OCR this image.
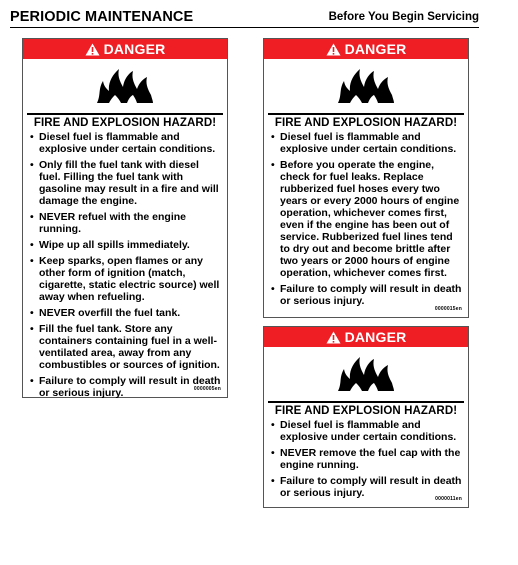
PERIODIC MAINTENANCE	Before You Begin Servicing
DANGER
FIRE AND EXPLOSION HAZARD!
• Diesel fuel is flammable and explosive under certain conditions.
• Only fill the fuel tank with diesel fuel. Filling the fuel tank with gasoline may result in a fire and will damage the engine.
• NEVER refuel with the engine running.
• Wipe up all spills immediately.
• Keep sparks, open flames or any other form of ignition (match, cigarette, static electric source) well away when refueling.
• NEVER overfill the fuel tank.
• Fill the fuel tank. Store any containers containing fuel in a well-ventilated area, away from any combustibles or sources of ignition.
• Failure to comply will result in death or serious injury.	0000005en
DANGER
FIRE AND EXPLOSION HAZARD!
• Diesel fuel is flammable and explosive under certain conditions.
• Before you operate the engine, check for fuel leaks. Replace rubberized fuel hoses every two years or every 2000 hours of engine operation, whichever comes first, even if the engine has been out of service. Rubberized fuel lines tend to dry out and become brittle after two years or 2000 hours of engine operation, whichever comes first.
• Failure to comply will result in death or serious injury.
0000015en
DANGER
FIRE AND EXPLOSION HAZARD!
• Diesel fuel is flammable and explosive under certain conditions.
• NEVER remove the fuel cap with the engine running.
• Failure to comply will result in death or serious injury.	0000011en
